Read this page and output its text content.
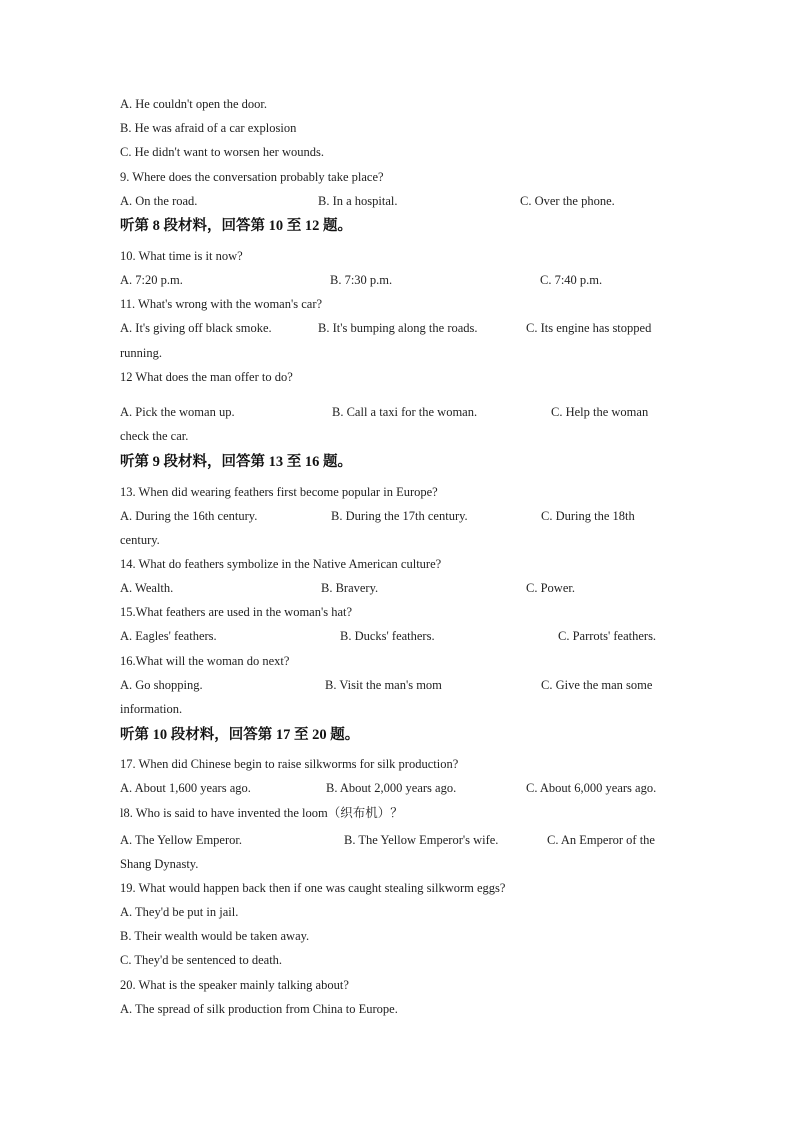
A. He couldn't open the door.
B. He was afraid of a car explosion
C. He didn't want to worsen her wounds.
9. Where does the conversation probably take place?
A. On the road.	B. In a hospital.	C. Over the phone.
听第 8 段材料，回答第 10 至 12 题。
10. What time is it now?
A. 7:20 p.m.	B. 7:30 p.m.	C. 7:40 p.m.
11. What's wrong with the woman's car?
A. It's giving off black smoke.	B. It's bumping along the roads.	C. Its engine has stopped
running.
12 What does the man offer to do?
A. Pick the woman up.	B. Call a taxi for the woman.	C. Help the woman
check the car.
听第 9 段材料，回答第 13 至 16 题。
13. When did wearing feathers first become popular in Europe?
A. During the 16th century.	B. During the 17th century.	C. During the 18th
century.
14. What do feathers symbolize in the Native American culture?
A. Wealth.	B. Bravery.	C. Power.
15.What feathers are used in the woman's hat?
A. Eagles' feathers.	B. Ducks' feathers.	C. Parrots' feathers.
16.What will the woman do next?
A. Go shopping.	B. Visit the man's mom	C. Give the man some
information.
听第 10 段材料，回答第 17 至 20 题。
17. When did Chinese begin to raise silkworms for silk production?
A. About 1,600 years ago.	B. About 2,000 years ago.	C. About 6,000 years ago.
l8. Who is said to have invented the loom（织布机）？
A. The Yellow Emperor.	B. The Yellow Emperor's wife.	C. An Emperor of the
Shang Dynasty.
19. What would happen back then if one was caught stealing silkworm eggs?
A. They'd be put in jail.
B. Their wealth would be taken away.
C. They'd be sentenced to death.
20. What is the speaker mainly talking about?
A. The spread of silk production from China to Europe.
